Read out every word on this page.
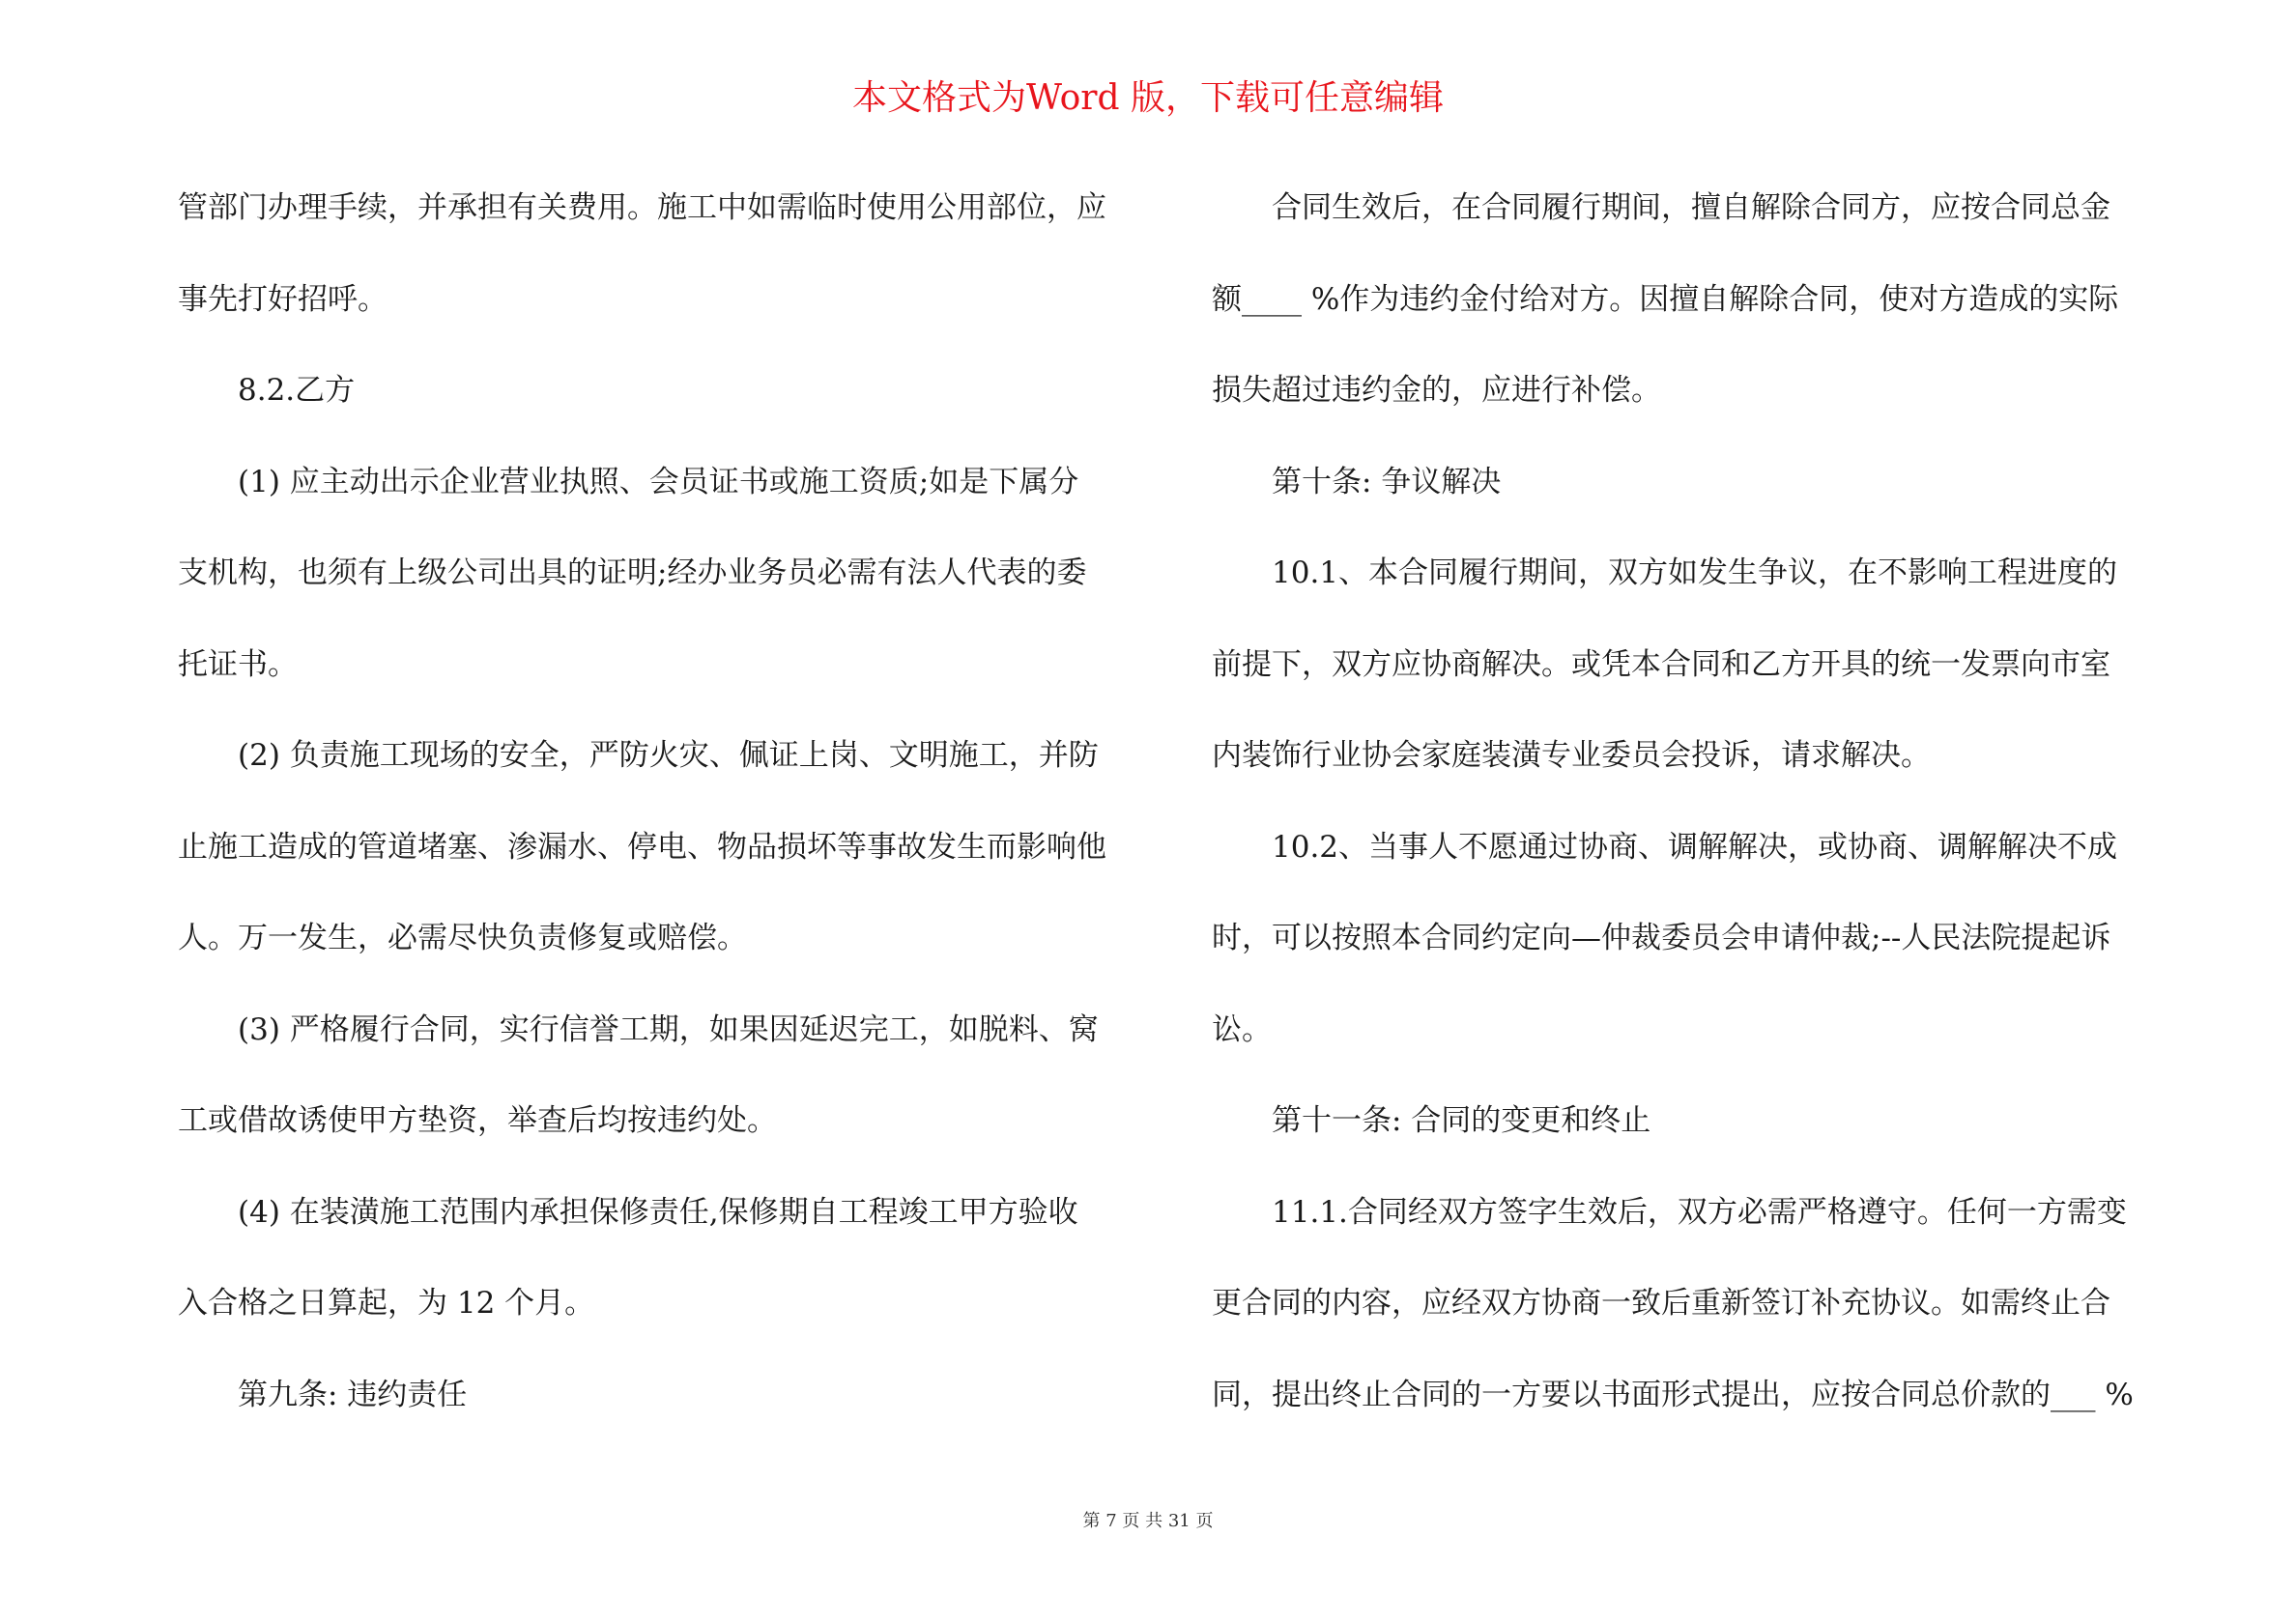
本文格式为Word 版，下载可任意编辑
管部门办理手续，并承担有关费用。施工中如需临时使用公用部位，应
事先打好招呼。
8.2.乙方
(1) 应主动出示企业营业执照、会员证书或施工资质;如是下属分
支机构，也须有上级公司出具的证明;经办业务员必需有法人代表的委
托证书。
(2) 负责施工现场的安全，严防火灾、佩证上岗、文明施工，并防
止施工造成的管道堵塞、渗漏水、停电、物品损坏等事故发生而影响他
人。万一发生，必需尽快负责修复或赔偿。
(3) 严格履行合同，实行信誉工期，如果因延迟完工，如脱料、窝
工或借故诱使甲方垫资，举查后均按违约处。
(4) 在装潢施工范围内承担保修责任,保修期自工程竣工甲方验收
入合格之日算起，为 12 个月。
第九条: 违约责任
合同生效后，在合同履行期间，擅自解除合同方，应按合同总金
额____ %作为违约金付给对方。因擅自解除合同，使对方造成的实际
损失超过违约金的，应进行补偿。
第十条: 争议解决
10.1、本合同履行期间，双方如发生争议，在不影响工程进度的
前提下，双方应协商解决。或凭本合同和乙方开具的统一发票向市室
内装饰行业协会家庭装潢专业委员会投诉，请求解决。
10.2、当事人不愿通过协商、调解解决，或协商、调解解决不成
时，可以按照本合同约定向—仲裁委员会申请仲裁;--人民法院提起诉
讼。
第十一条: 合同的变更和终止
11.1.合同经双方签字生效后，双方必需严格遵守。任何一方需变
更合同的内容，应经双方协商一致后重新签订补充协议。如需终止合
同，提出终止合同的一方要以书面形式提出，应按合同总价款的___ %
第 7 页 共 31 页
